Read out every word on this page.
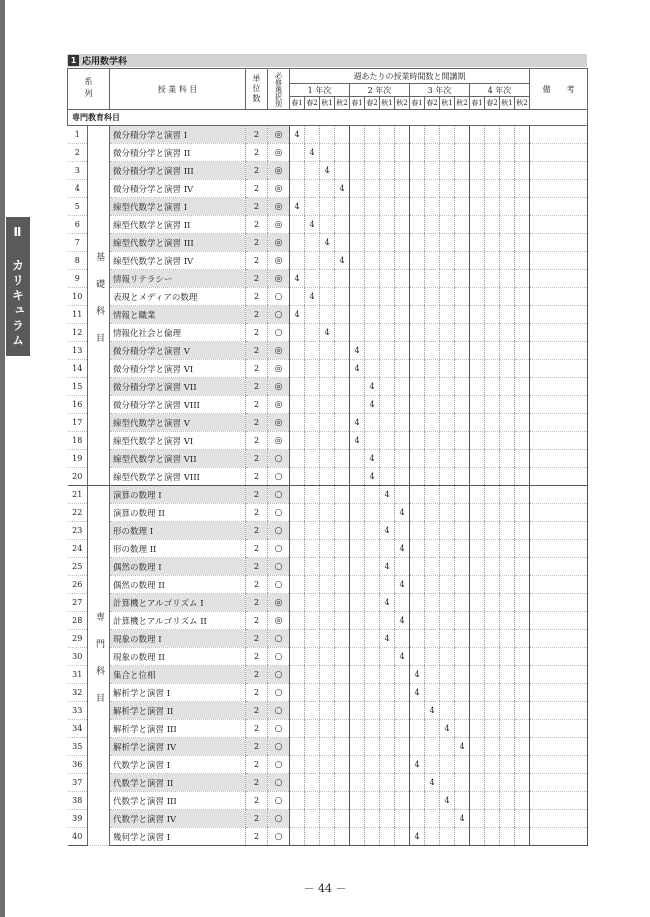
Ⅱ カリキュラム
1 応用数学科
系列		授 業 科 目	単位数	必修選択別	週あたりの授業時間数と開講期																備　　考
					1 年次				2 年次				3 年次				4 年次				
					春1	春2	秋1	秋2	春1	春2	秋1	秋2	春1	春2	秋1	秋2	春1	春2	秋1	秋2	
専門教育科目																					
1	基礎科目	微分積分学と演習 I	2	◎	4																
2		微分積分学と演習 II	2	◎		4															
3		微分積分学と演習 III	2	◎			4														
4		微分積分学と演習 IV	2	◎				4													
5		線型代数学と演習 I	2	◎	4																
6		線型代数学と演習 II	2	◎		4															
7		線型代数学と演習 III	2	◎			4														
8		線型代数学と演習 IV	2	◎				4													
9		情報リテラシー	2	◎	4																
10		表現とメディアの数理	2	○		4															
11		情報と職業	2	○	4																
12		情報化社会と倫理	2	○			4														
13		微分積分学と演習 V	2	◎					4												
14		微分積分学と演習 VI	2	◎					4												
15		微分積分学と演習 VII	2	◎						4											
16		微分積分学と演習 VIII	2	◎						4											
17		線型代数学と演習 V	2	◎					4												
18		線型代数学と演習 VI	2	◎					4												
19		線型代数学と演習 VII	2	○						4											
20		線型代数学と演習 VIII	2	○						4											
21	専門科目	演算の数理 I	2	○							4										
22		演算の数理 II	2	○								4									
23		形の数理 I	2	○							4										
24		形の数理 II	2	○								4									
25		偶然の数理 I	2	○							4										
26		偶然の数理 II	2	○								4									
27		計算機とアルゴリズム I	2	◎							4										
28		計算機とアルゴリズム II	2	◎								4									
29		現象の数理 I	2	○							4										
30		現象の数理 II	2	○								4									
31		集合と位相	2	○									4								
32		解析学と演習 I	2	○									4								
33		解析学と演習 II	2	○										4							
34		解析学と演習 III	2	○											4						
35		解析学と演習 IV	2	○												4					
36		代数学と演習 I	2	○									4								
37		代数学と演習 II	2	○										4							
38		代数学と演習 III	2	○											4						
39		代数学と演習 IV	2	○												4					
40		幾何学と演習 I	2	○									4								
－ 44 －
